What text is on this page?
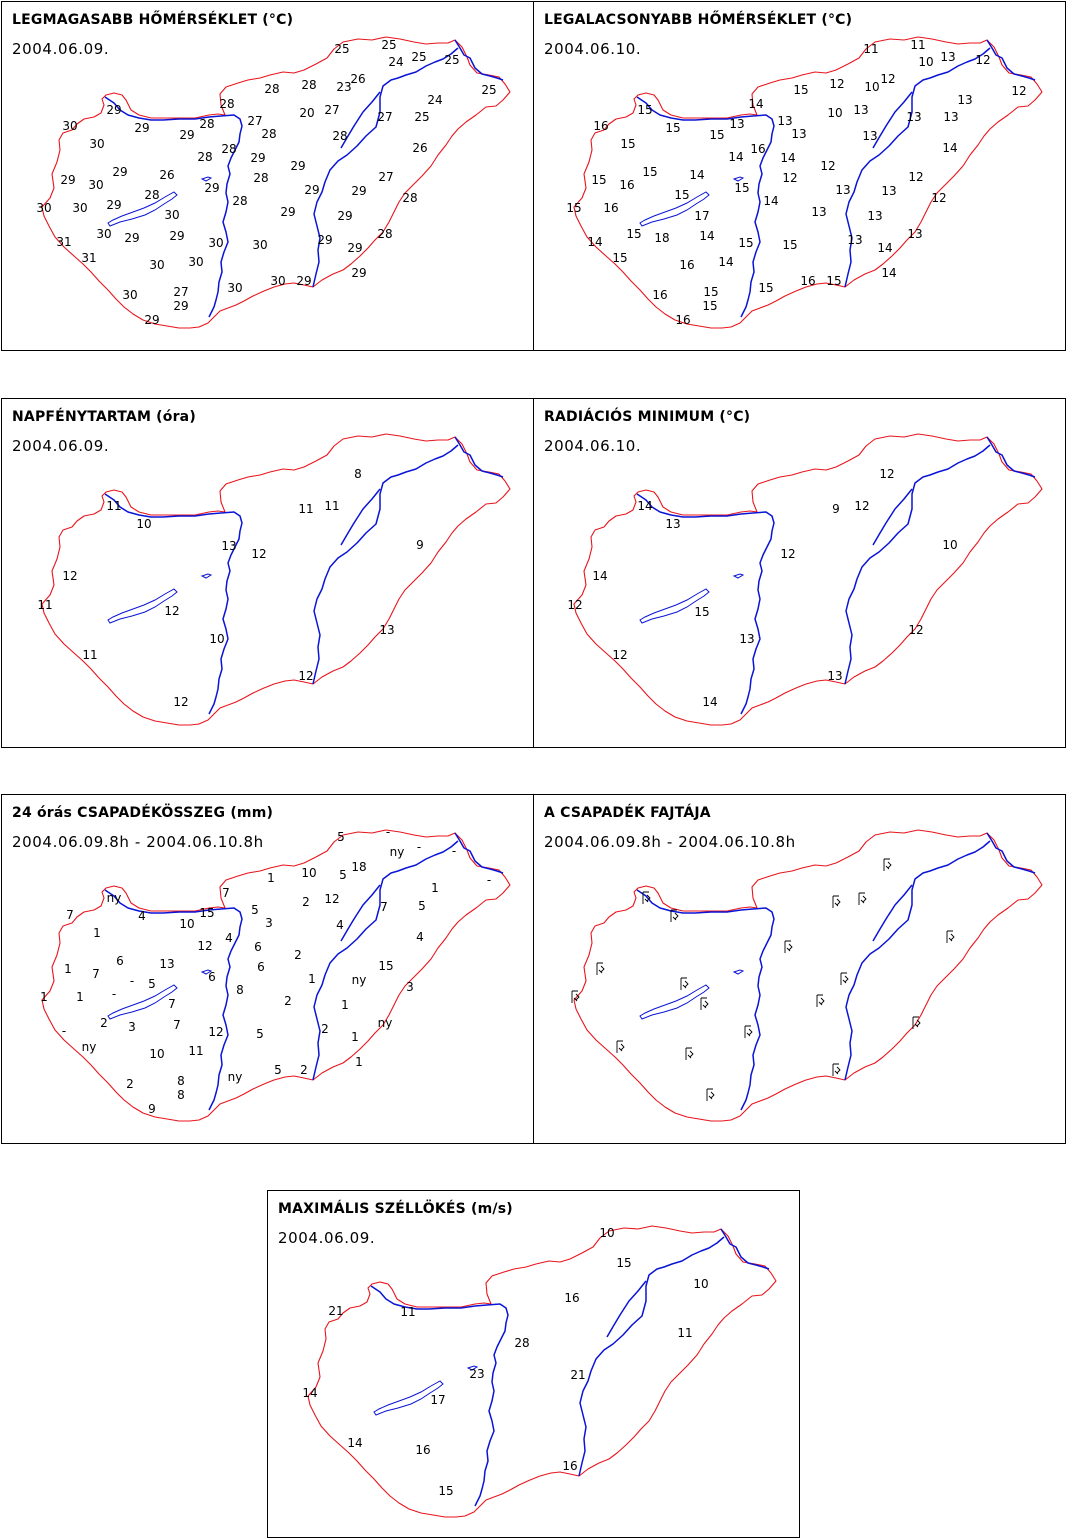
25	25
24 25 25
25
26
23
28
28
24
25
29	28
20 27	27
30	29 29
28	27
28	28
30	28
28	29
26
29	26
29
28	27
29 30
28	29	29	29	28
30 30 29
30
28
29	29
30 29 29 30 30	29
29
28
31
31	30 30
30 29
29
30	27
29
30
29
LEGMAGASABB HŐMÉRSÉKLET (°C)
2004.06.09.	11	11
10 13 12
12
15 12 10
12
13
15	14
10 13	13 13
16	15 15
13	13
13	13
15	16
14	14
14
15	14
12
12	12
15 16
15	15	13	13	12
15 16
17
14
13	13
15 18 14 15 15	13
14
13
14
15	16 14
16 15
14
16	15
15
15
16
LEGALACSONYABB HŐMÉRSÉKLET (°C)
2004.06.10.
8
11	11 11
10
13
12
9
12
11	12
13
10
11
12
12
NAPFÉNYTARTAM (óra)
2004.06.09.
12
14	9 12
13
12
10
14
12	15
12
13
12
13
14
RADIÁCIÓS MINIMUM (°C)
2004.06.10.
5	-
ny -	-
18
10 5
1
1
-
7
2 12
7	5
ny
7	4
10
15	5
3	4
1	4
12	6
4
6	13
2
6	15
1 7	- 5	6	1	ny	3
1 1 -
7
8
2	1
-
2 3	7 12	5	2
1
ny
ny	10 11
5 2
1
2	8
8
ny
9
24 órás CSAPADÉKÖSSZEG (mm)
2004.06.09.8h - 2004.06.10.8h
A CSAPADÉK FAJTÁJA
2004.06.09.8h - 2004.06.10.8h
10
15
10
21	11
16
28
11
23	21
14	17
14	16
16
15
MAXIMÁLIS SZÉLLÖKÉS (m/s)
2004.06.09.
